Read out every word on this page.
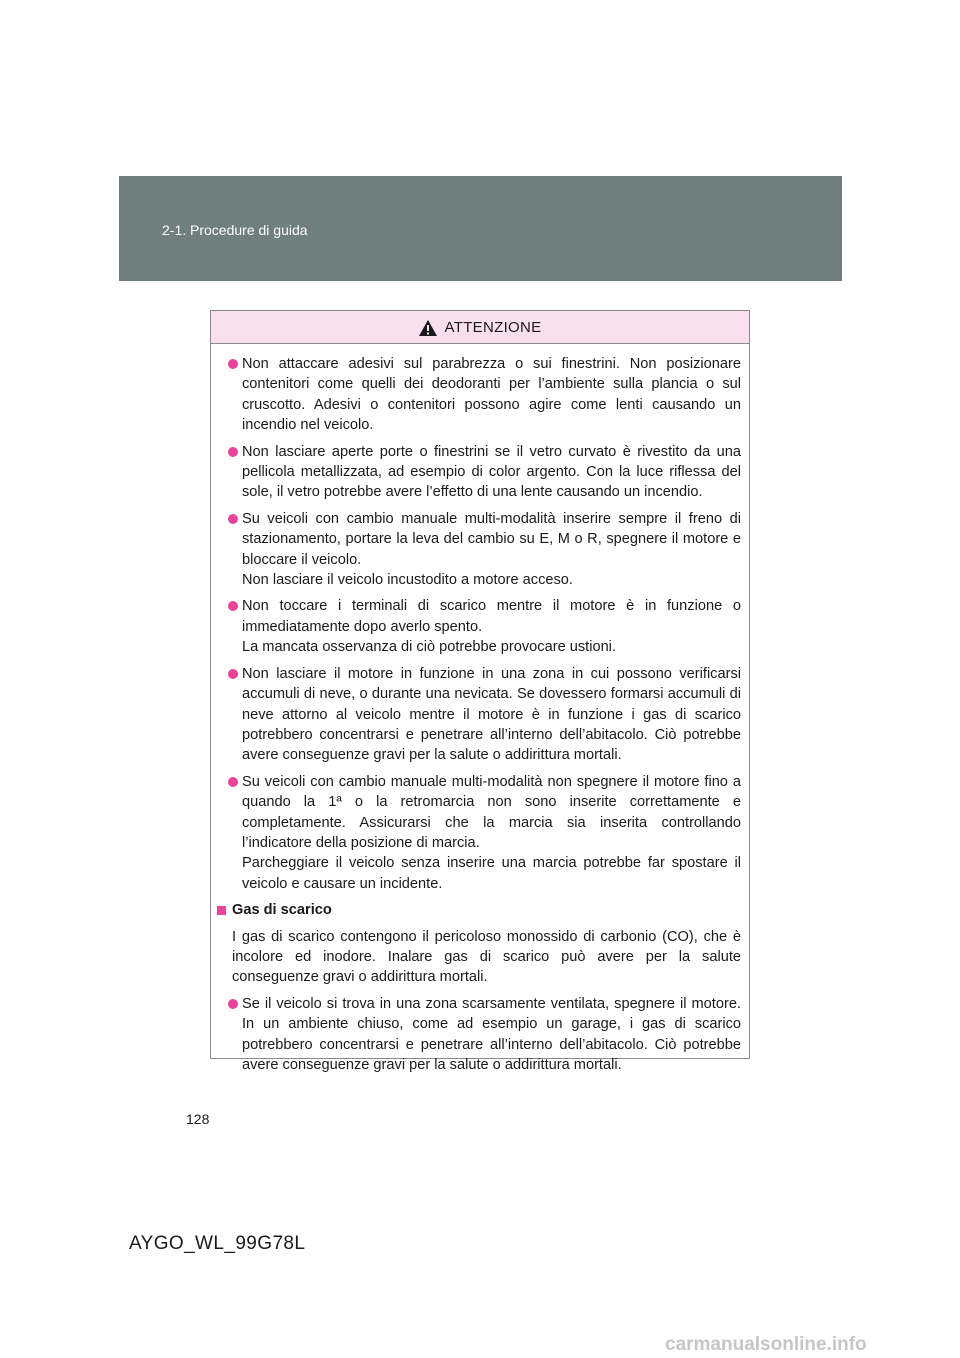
2-1. Procedure di guida
ATTENZIONE
Non attaccare adesivi sul parabrezza o sui finestrini. Non posizionare contenitori come quelli dei deodoranti per l’ambiente sulla plancia o sul cruscotto. Adesivi o contenitori possono agire come lenti causando un incendio nel veicolo.
Non lasciare aperte porte o finestrini se il vetro curvato è rivestito da una pellicola metallizzata, ad esempio di color argento. Con la luce riflessa del sole, il vetro potrebbe avere l’effetto di una lente causando un incendio.
Su veicoli con cambio manuale multi-modalità inserire sempre il freno di stazionamento, portare la leva del cambio su E, M o R, spegnere il motore e bloccare il veicolo.
Non lasciare il veicolo incustodito a motore acceso.
Non toccare i terminali di scarico mentre il motore è in funzione o immediatamente dopo averlo spento.
La mancata osservanza di ciò potrebbe provocare ustioni.
Non lasciare il motore in funzione in una zona in cui possono verificarsi accumuli di neve, o durante una nevicata. Se dovessero formarsi accumuli di neve attorno al veicolo mentre il motore è in funzione i gas di scarico potrebbero concentrarsi e penetrare all’interno dell’abitacolo. Ciò potrebbe avere conseguenze gravi per la salute o addirittura mortali.
Su veicoli con cambio manuale multi-modalità non spegnere il motore fino a quando la 1ª o la retromarcia non sono inserite correttamente e completamente. Assicurarsi che la marcia sia inserita controllando l’indicatore della posizione di marcia.
Parcheggiare il veicolo senza inserire una marcia potrebbe far spostare il veicolo e causare un incidente.
Gas di scarico
I gas di scarico contengono il pericoloso monossido di carbonio (CO), che è incolore ed inodore. Inalare gas di scarico può avere per la salute conseguenze gravi o addirittura mortali.
Se il veicolo si trova in una zona scarsamente ventilata, spegnere il motore. In un ambiente chiuso, come ad esempio un garage, i gas di scarico potrebbero concentrarsi e penetrare all’interno dell’abitacolo. Ciò potrebbe avere conseguenze gravi per la salute o addirittura mortali.
128
AYGO_WL_99G78L
carmanualsonline.info
